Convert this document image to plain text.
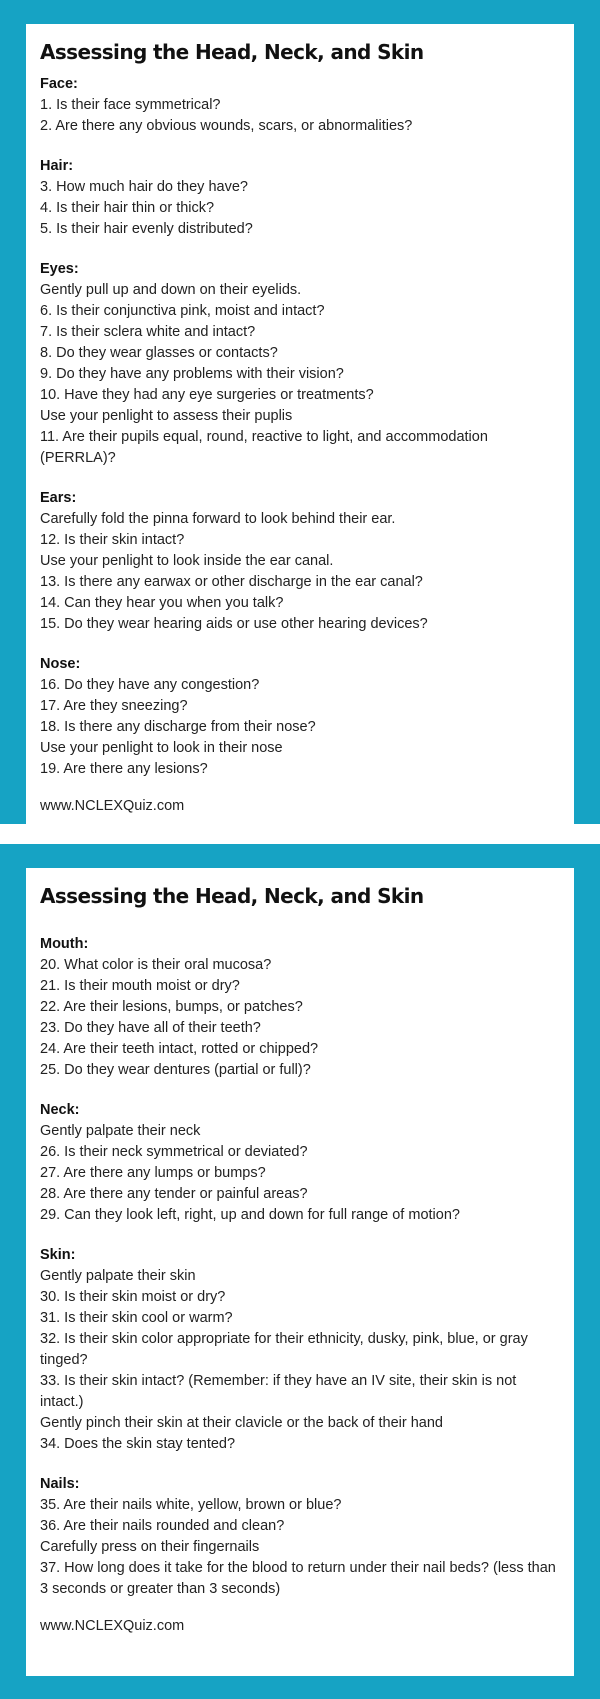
Assessing the Head, Neck, and Skin
Face:
1. Is their face symmetrical?
2. Are there any obvious wounds, scars, or abnormalities?
Hair:
3. How much hair do they have?
4. Is their hair thin or thick?
5. Is their hair evenly distributed?
Eyes:
Gently pull up and down on their eyelids.
6. Is their conjunctiva pink, moist and intact?
7. Is their sclera white and intact?
8. Do they wear glasses or contacts?
9. Do they have any problems with their vision?
10. Have they had any eye surgeries or treatments?
Use your penlight to assess their puplis
11. Are their pupils equal, round, reactive to light, and accommodation (PERRLA)?
Ears:
Carefully fold the pinna forward to look behind their ear.
12. Is their skin intact?
Use your penlight to look inside the ear canal.
13. Is there any earwax or other discharge in the ear canal?
14. Can they hear you when you talk?
15. Do they wear hearing aids or use other hearing devices?
Nose:
16. Do they have any congestion?
17. Are they sneezing?
18. Is there any discharge from their nose?
Use your penlight to look in their nose
19. Are there any lesions?
www.NCLEXQuiz.com
Assessing the Head, Neck, and Skin
Mouth:
20. What color is their oral mucosa?
21. Is their mouth moist or dry?
22. Are their lesions, bumps, or patches?
23. Do they have all of their teeth?
24. Are their teeth intact, rotted or chipped?
25. Do they wear dentures (partial or full)?
Neck:
Gently palpate their neck
26. Is their neck symmetrical or deviated?
27. Are there any lumps or bumps?
28. Are there any tender or painful areas?
29. Can they look left, right, up and down for full range of motion?
Skin:
Gently palpate their skin
30. Is their skin moist or dry?
31. Is their skin cool or warm?
32. Is their skin color appropriate for their ethnicity, dusky, pink, blue, or gray tinged?
33. Is their skin intact? (Remember: if they have an IV site, their skin is not intact.)
Gently pinch their skin at their clavicle or the back of their hand
34. Does the skin stay tented?
Nails:
35. Are their nails white, yellow, brown or blue?
36. Are their nails rounded and clean?
Carefully press on their fingernails
37. How long does it take for the blood to return under their nail beds? (less than 3 seconds or greater than 3 seconds)
www.NCLEXQuiz.com
